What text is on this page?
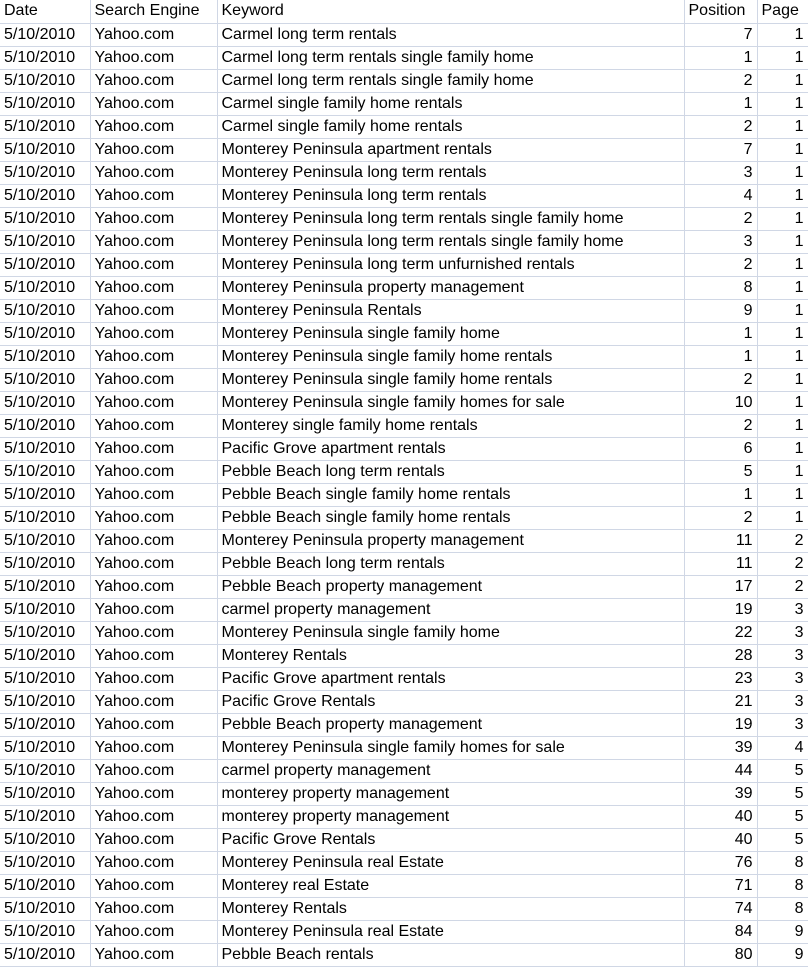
Date	Search Engine	Keyword	Position	Page
5/10/2010	Yahoo.com	Carmel long term rentals	7	1
5/10/2010	Yahoo.com	Carmel long term rentals single family home	1	1
5/10/2010	Yahoo.com	Carmel long term rentals single family home	2	1
5/10/2010	Yahoo.com	Carmel single family home rentals	1	1
5/10/2010	Yahoo.com	Carmel single family home rentals	2	1
5/10/2010	Yahoo.com	Monterey Peninsula apartment rentals	7	1
5/10/2010	Yahoo.com	Monterey Peninsula long term rentals	3	1
5/10/2010	Yahoo.com	Monterey Peninsula long term rentals	4	1
5/10/2010	Yahoo.com	Monterey Peninsula long term rentals single family home	2	1
5/10/2010	Yahoo.com	Monterey Peninsula long term rentals single family home	3	1
5/10/2010	Yahoo.com	Monterey Peninsula long term unfurnished rentals	2	1
5/10/2010	Yahoo.com	Monterey Peninsula property management	8	1
5/10/2010	Yahoo.com	Monterey Peninsula Rentals	9	1
5/10/2010	Yahoo.com	Monterey Peninsula single family home	1	1
5/10/2010	Yahoo.com	Monterey Peninsula single family home rentals	1	1
5/10/2010	Yahoo.com	Monterey Peninsula single family home rentals	2	1
5/10/2010	Yahoo.com	Monterey Peninsula single family homes for sale	10	1
5/10/2010	Yahoo.com	Monterey single family home rentals	2	1
5/10/2010	Yahoo.com	Pacific Grove apartment rentals	6	1
5/10/2010	Yahoo.com	Pebble Beach long term rentals	5	1
5/10/2010	Yahoo.com	Pebble Beach single family home rentals	1	1
5/10/2010	Yahoo.com	Pebble Beach single family home rentals	2	1
5/10/2010	Yahoo.com	Monterey Peninsula property management	11	2
5/10/2010	Yahoo.com	Pebble Beach long term rentals	11	2
5/10/2010	Yahoo.com	Pebble Beach property management	17	2
5/10/2010	Yahoo.com	carmel property management	19	3
5/10/2010	Yahoo.com	Monterey Peninsula single family home	22	3
5/10/2010	Yahoo.com	Monterey Rentals	28	3
5/10/2010	Yahoo.com	Pacific Grove apartment rentals	23	3
5/10/2010	Yahoo.com	Pacific Grove Rentals	21	3
5/10/2010	Yahoo.com	Pebble Beach property management	19	3
5/10/2010	Yahoo.com	Monterey Peninsula single family homes for sale	39	4
5/10/2010	Yahoo.com	carmel property management	44	5
5/10/2010	Yahoo.com	monterey property management	39	5
5/10/2010	Yahoo.com	monterey property management	40	5
5/10/2010	Yahoo.com	Pacific Grove Rentals	40	5
5/10/2010	Yahoo.com	Monterey Peninsula real Estate	76	8
5/10/2010	Yahoo.com	Monterey real Estate	71	8
5/10/2010	Yahoo.com	Monterey Rentals	74	8
5/10/2010	Yahoo.com	Monterey Peninsula real Estate	84	9
5/10/2010	Yahoo.com	Pebble Beach rentals	80	9
